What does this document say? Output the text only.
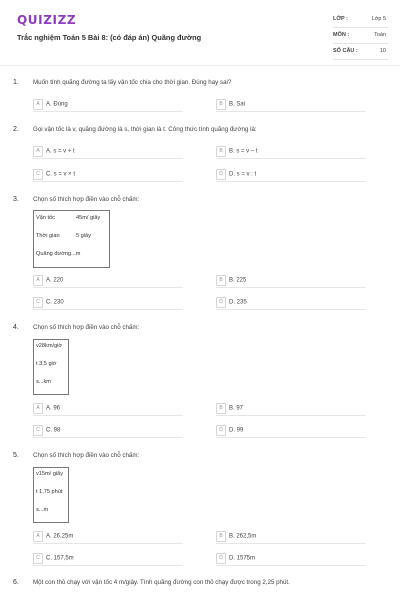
QUIZIZZ
Trắc nghiệm Toán 5 Bài 8: (có đáp án) Quãng đường
LỚP :	Lớp 5
MÔN :	Toán
SỐ CÂU :	10
1. Muốn tính quãng đường ta lấy vận tốc chia cho thời gian. Đúng hay sai?
A A. Đúng	B B. Sai
2. Gọi vận tốc là v, quãng đường là s, thời gian là t. Công thức tính quãng đường là:
A A. s = v + t	B B. s = v – t
C C. s = v × t	D D. s = v : t
3. Chọn số thích hợp điền vào chỗ chấm:
Vận tốc	45m/ giây
Thời gian	5 giây
Quãng đường...m
A A. 220	B B. 225
C C. 230	D D. 235
4. Chọn số thích hợp điền vào chỗ chấm:
v28km/giờ
t 3,5 giờ
s...km
A A. 96	B B. 97
C C. 98	D D. 99
5. Chọn số thích hợp điền vào chỗ chấm:
v15m/ giây
t 1,75 phút
s...m
A A. 26,25m	B B. 262,5m
C C. 157,5m	D D. 1575m
6. Một con thỏ chạy với vận tốc 4 m/giây. Tính quãng đường con thỏ chạy được trong 2,25 phút.
